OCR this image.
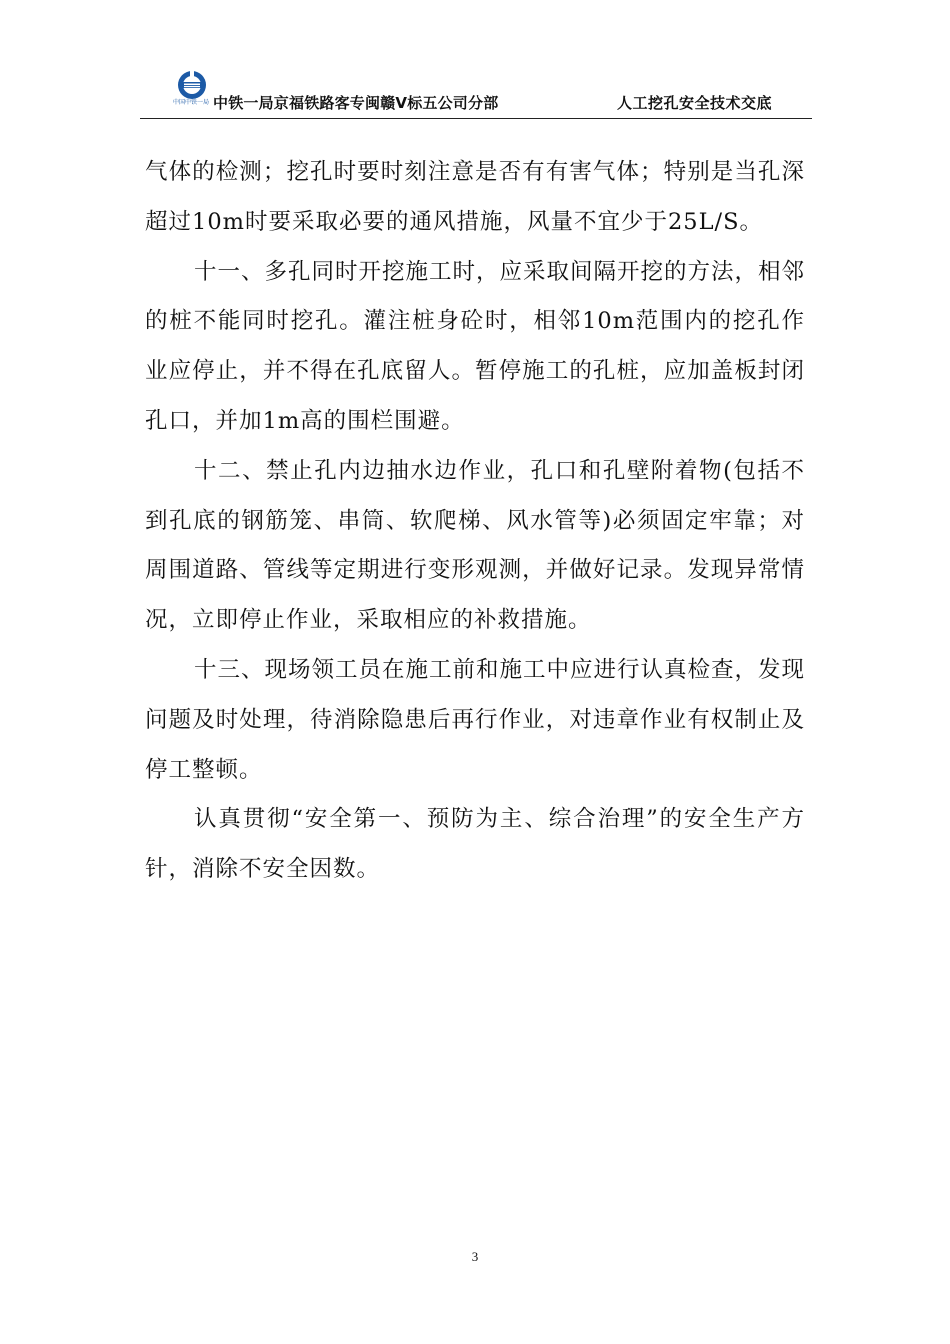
中国中铁一局 中铁一局京福铁路客专闽赣Ⅴ标五公司分部	人工挖孔安全技术交底

气体的检测；挖孔时要时刻注意是否有有害气体；特别是当孔深超过10m时要采取必要的通风措施，风量不宜少于25L/S。

十一、多孔同时开挖施工时，应采取间隔开挖的方法，相邻的桩不能同时挖孔。灌注桩身砼时，相邻10m范围内的挖孔作业应停止，并不得在孔底留人。暂停施工的孔桩，应加盖板封闭孔口，并加1m高的围栏围避。

十二、禁止孔内边抽水边作业，孔口和孔壁附着物(包括不到孔底的钢筋笼、串筒、软爬梯、风水管等)必须固定牢靠；对周围道路、管线等定期进行变形观测，并做好记录。发现异常情况，立即停止作业，采取相应的补救措施。

十三、现场领工员在施工前和施工中应进行认真检查，发现问题及时处理，待消除隐患后再行作业，对违章作业有权制止及停工整顿。

认真贯彻“安全第一、预防为主、综合治理”的安全生产方针，消除不安全因数。

3
